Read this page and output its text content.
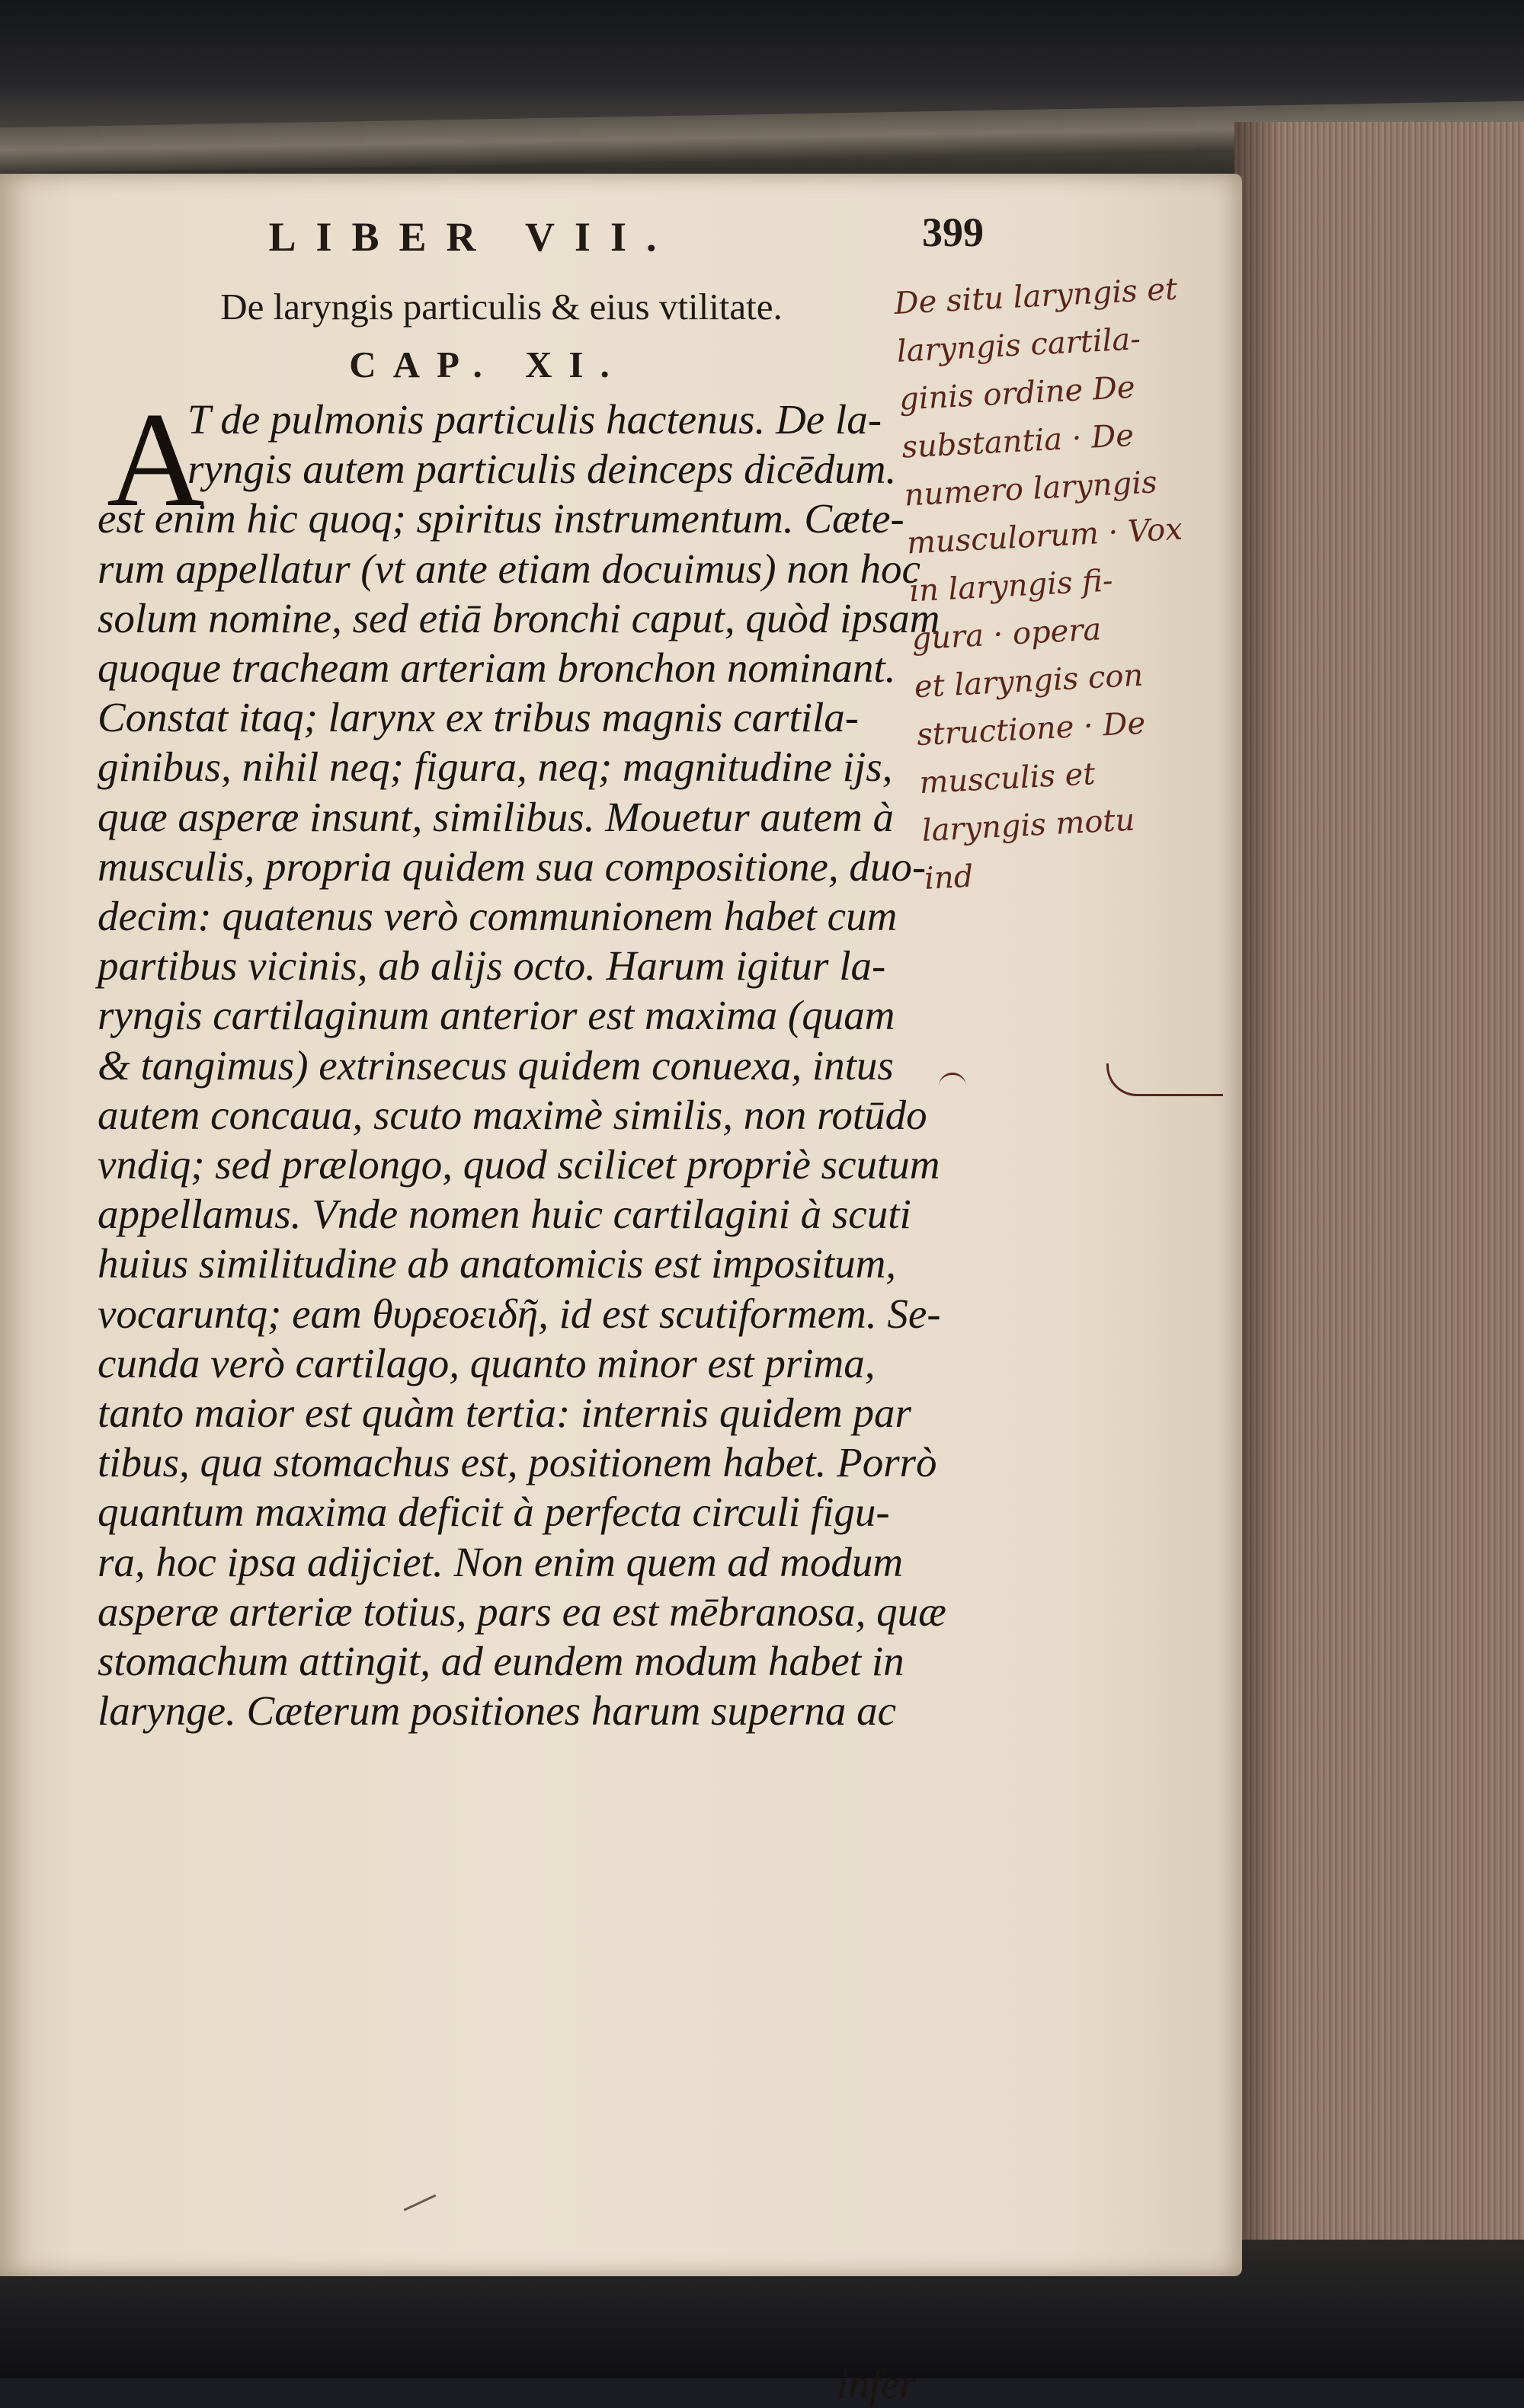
LIBER VII.	399
De laryngis particulis & eius vtilitate.
CAP. XI.
A
T de pulmonis particulis hactenus. De la-
ryngis autem particulis deinceps dicēdum.
est enim hic quoq; spiritus instrumentum. Cæte-
rum appellatur (vt ante etiam docuimus) non hoc
solum nomine, sed etiā bronchi caput, quòd ipsam
quoque tracheam arteriam bronchon nominant.
Constat itaq; larynx ex tribus magnis cartila-
ginibus, nihil neq; figura, neq; magnitudine ijs,
quæ asperæ insunt, similibus. Mouetur autem à
musculis, propria quidem sua compositione, duo-
decim: quatenus verò communionem habet cum
partibus vicinis, ab alijs octo. Harum igitur la-
ryngis cartilaginum anterior est maxima (quam
& tangimus) extrinsecus quidem conuexa, intus
autem concaua, scuto maximè similis, non rotūdo
vndiq; sed prælongo, quod scilicet propriè scutum
appellamus. Vnde nomen huic cartilagini à scuti
huius similitudine ab anatomicis est impositum,
vocaruntq; eam θυρεοειδῆ, id est scutiformem. Se-
cunda verò cartilago, quanto minor est prima,
tanto maior est quàm tertia: internis quidem par
tibus, qua stomachus est, positionem habet. Porrò
quantum maxima deficit à perfecta circuli figu-
ra, hoc ipsa adijciet. Non enim quem ad modum
asperæ arteriæ totius, pars ea est mēbranosa, quæ
stomachum attingit, ad eundem modum habet in
larynge. Cæterum positiones harum superna ac
infer
De situ laryngis et
laryngis cartila-
ginis ordine De
substantia · De
numero laryngis
musculorum · Vox
in laryngis fi-
gura · opera
et laryngis con
structione · De
musculis et
laryngis motu
ind
